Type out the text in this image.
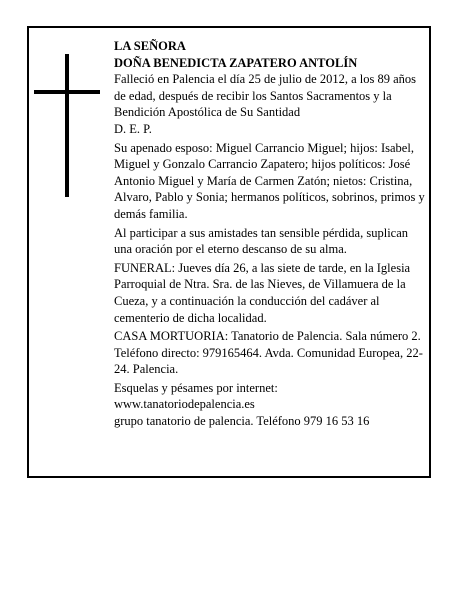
LA SEÑORA

DOÑA BENEDICTA ZAPATERO ANTOLÍN

Falleció en Palencia el día 25 de julio de 2012, a los 89 años de edad, después de recibir los Santos Sacramentos y la Bendición Apostólica de Su Santidad

D. E. P.

Su apenado esposo: Miguel Carrancio Miguel; hijos: Isabel, Miguel y Gonzalo Carrancio Zapatero; hijos políticos: José Antonio Miguel y María de Carmen Zatón; nietos: Cristina, Alvaro, Pablo y Sonia; hermanos políticos, sobrinos, primos y demás familia.

Al participar a sus amistades tan sensible pérdida, suplican una oración por el eterno descanso de su alma.

FUNERAL: Jueves día 26, a las siete de tarde, en la Iglesia Parroquial de Ntra. Sra. de las Nieves, de Villamuera de la Cueza, y a continuación la conducción del cadáver al cementerio de dicha localidad.

CASA MORTUORIA: Tanatorio de Palencia. Sala número 2. Teléfono directo: 979165464. Avda. Comunidad Europea, 22-24. Palencia.

Esquelas y pésames por internet:

www.tanatoriodepalencia.es

grupo tanatorio de palencia. Teléfono 979 16 53 16
